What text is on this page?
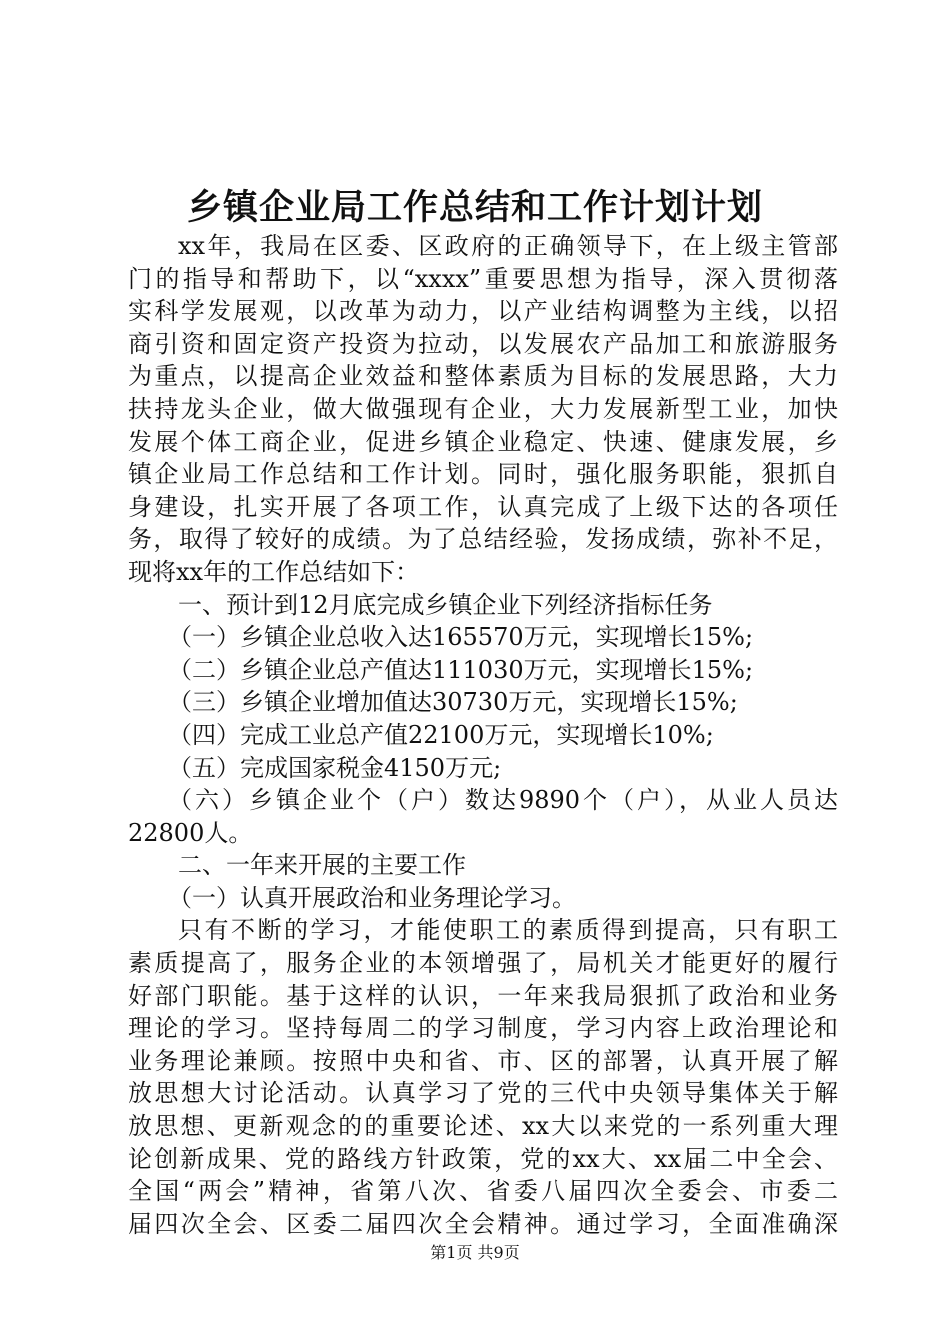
乡镇企业局工作总结和工作计划计划
xx年，我局在区委、区政府的正确领导下，在上级主管部
门的指导和帮助下，以“xxxx”重要思想为指导，深入贯彻落
实科学发展观，以改革为动力，以产业结构调整为主线，以招
商引资和固定资产投资为拉动，以发展农产品加工和旅游服务
为重点，以提高企业效益和整体素质为目标的发展思路，大力
扶持龙头企业，做大做强现有企业，大力发展新型工业，加快
发展个体工商企业，促进乡镇企业稳定、快速、健康发展，乡
镇企业局工作总结和工作计划。同时，强化服务职能，狠抓自
身建设，扎实开展了各项工作，认真完成了上级下达的各项任
务，取得了较好的成绩。为了总结经验，发扬成绩，弥补不足，
现将xx年的工作总结如下：
一、预计到12月底完成乡镇企业下列经济指标任务
（一）乡镇企业总收入达165570万元，实现增长15%;
（二）乡镇企业总产值达111030万元，实现增长15%;
（三）乡镇企业增加值达30730万元，实现增长15%;
（四）完成工业总产值22100万元，实现增长10%;
（五）完成国家税金4150万元;
（六）乡镇企业个（户）数达9890个（户），从业人员达
22800人。
二、一年来开展的主要工作
（一）认真开展政治和业务理论学习。
只有不断的学习，才能使职工的素质得到提高，只有职工
素质提高了，服务企业的本领增强了，局机关才能更好的履行
好部门职能。基于这样的认识，一年来我局狠抓了政治和业务
理论的学习。坚持每周二的学习制度，学习内容上政治理论和
业务理论兼顾。按照中央和省、市、区的部署，认真开展了解
放思想大讨论活动。认真学习了党的三代中央领导集体关于解
放思想、更新观念的的重要论述、xx大以来党的一系列重大理
论创新成果、党的路线方针政策，党的xx大、xx届二中全会、
全国“两会”精神，省第八次、省委八届四次全委会、市委二
届四次全会、区委二届四次全会精神。通过学习，全面准确深
第1页 共9页
